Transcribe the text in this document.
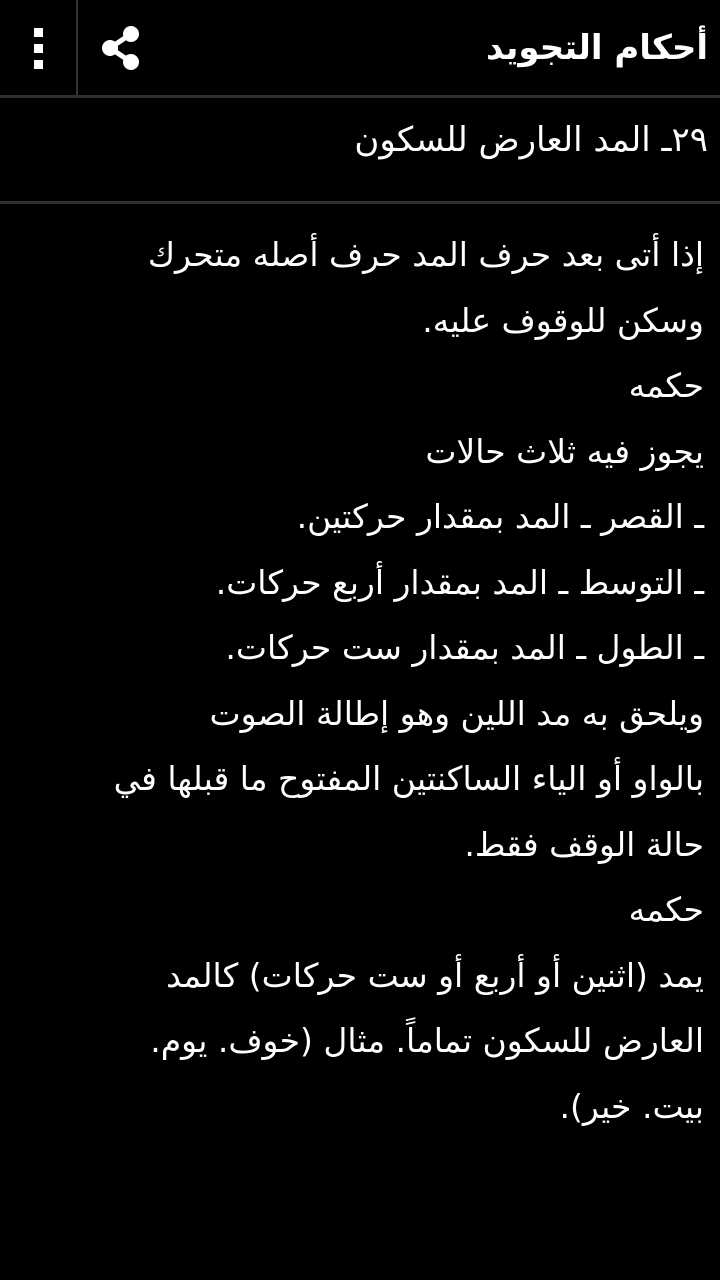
أحكام التجويد
٢٩ـ المد العارض للسكون
إذا أتى بعد حرف المد حرف أصله متحرك
وسكن للوقوف عليه.
حكمه
يجوز فيه ثلاث حالات
ـ القصر ـ المد بمقدار حركتين.
ـ التوسط ـ المد بمقدار أربع حركات.
ـ الطول ـ المد بمقدار ست حركات.
ويلحق به مد اللين وهو إطالة الصوت
بالواو أو الياء الساكنتين المفتوح ما قبلها في
حالة الوقف فقط.
حكمه
يمد (اثنين أو أربع أو ست حركات) كالمد
العارض للسكون تماماً. مثال (خوف. يوم.
بيت. خير).
